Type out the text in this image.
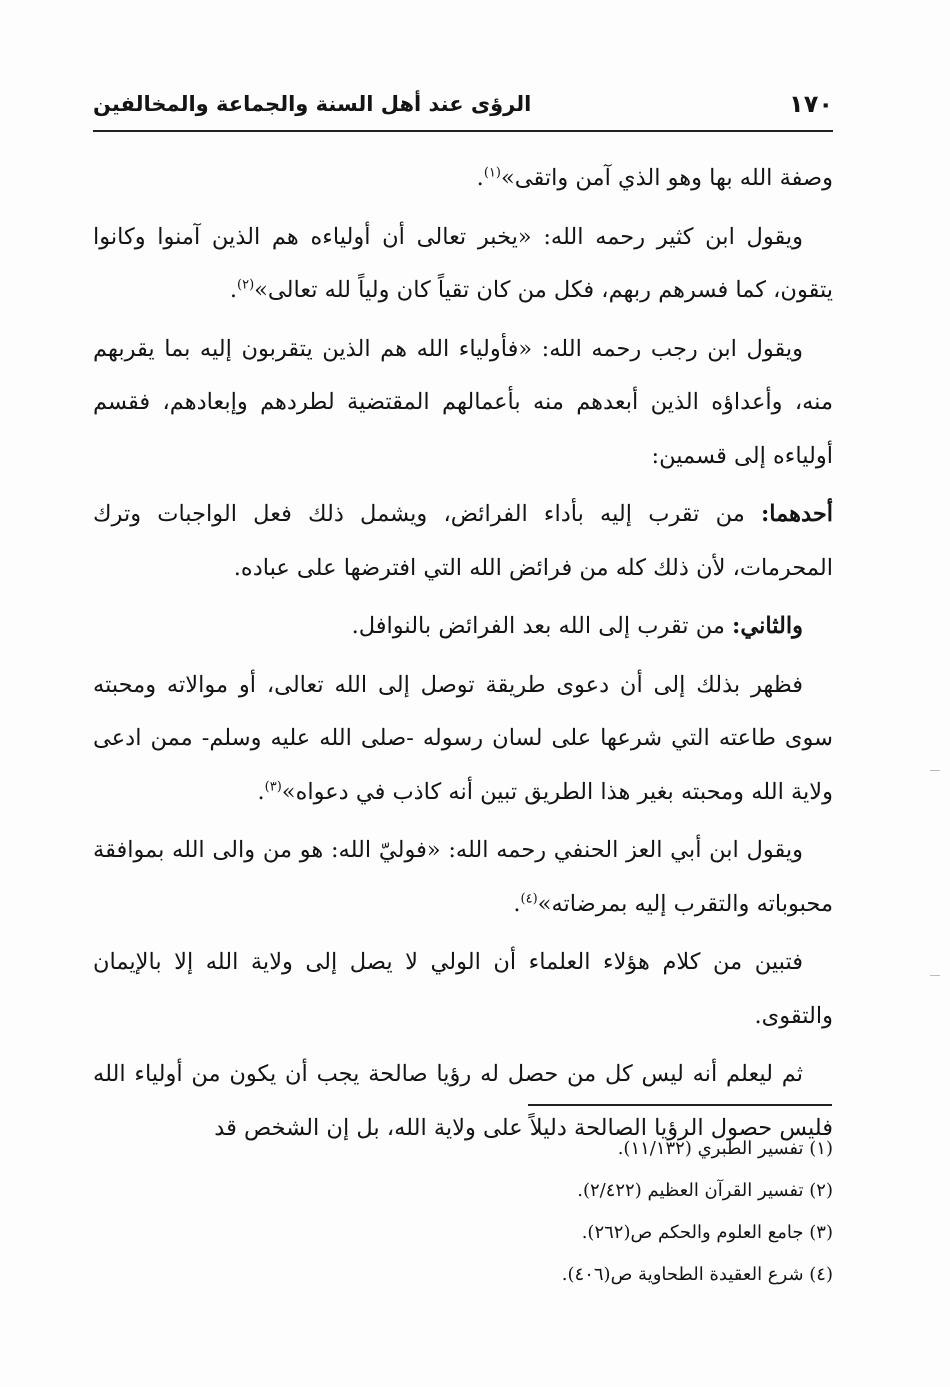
١٧٠
الرؤى عند أهل السنة والجماعة والمخالفين

وصفة الله بها وهو الذي آمن واتقى»$^{(١)}$.

ويقول ابن كثير رحمه الله: «يخبر تعالى أن أولياءه هم الذين آمنوا وكانوا يتقون، كما فسرهم ربهم، فكل من كان تقياً كان ولياً لله تعالى»$^{(٢)}$.

ويقول ابن رجب رحمه الله: «فأولياء الله هم الذين يتقربون إليه بما يقربهم منه، وأعداؤه الذين أبعدهم منه بأعمالهم المقتضية لطردهم وإبعادهم، فقسم أولياءه إلى قسمين:

أحدهما: من تقرب إليه بأداء الفرائض، ويشمل ذلك فعل الواجبات وترك المحرمات، لأن ذلك كله من فرائض الله التي افترضها على عباده.

والثاني: من تقرب إلى الله بعد الفرائض بالنوافل.

فظهر بذلك إلى أن دعوى طريقة توصل إلى الله تعالى، أو موالاته ومحبته سوى طاعته التي شرعها على لسان رسوله -صلى الله عليه وسلم- ممن ادعى ولاية الله ومحبته بغير هذا الطريق تبين أنه كاذب في دعواه»$^{(٣)}$.

ويقول ابن أبي العز الحنفي رحمه الله: «فوليّ الله: هو من والى الله بموافقة محبوباته والتقرب إليه بمرضاته»$^{(٤)}$.

فتبين من كلام هؤلاء العلماء أن الولي لا يصل إلى ولاية الله إلا بالإيمان والتقوى.

ثم ليعلم أنه ليس كل من حصل له رؤيا صالحة يجب أن يكون من أولياء الله فليس حصول الرؤيا الصالحة دليلاً على ولاية الله، بل إن الشخص قد

(١) تفسير الطبري (١١/١٣٢).
(٢) تفسير القرآن العظيم (٢/٤٢٢).
(٣) جامع العلوم والحكم ص(٢٦٢).
(٤) شرع العقيدة الطحاوية ص(٤٠٦).
